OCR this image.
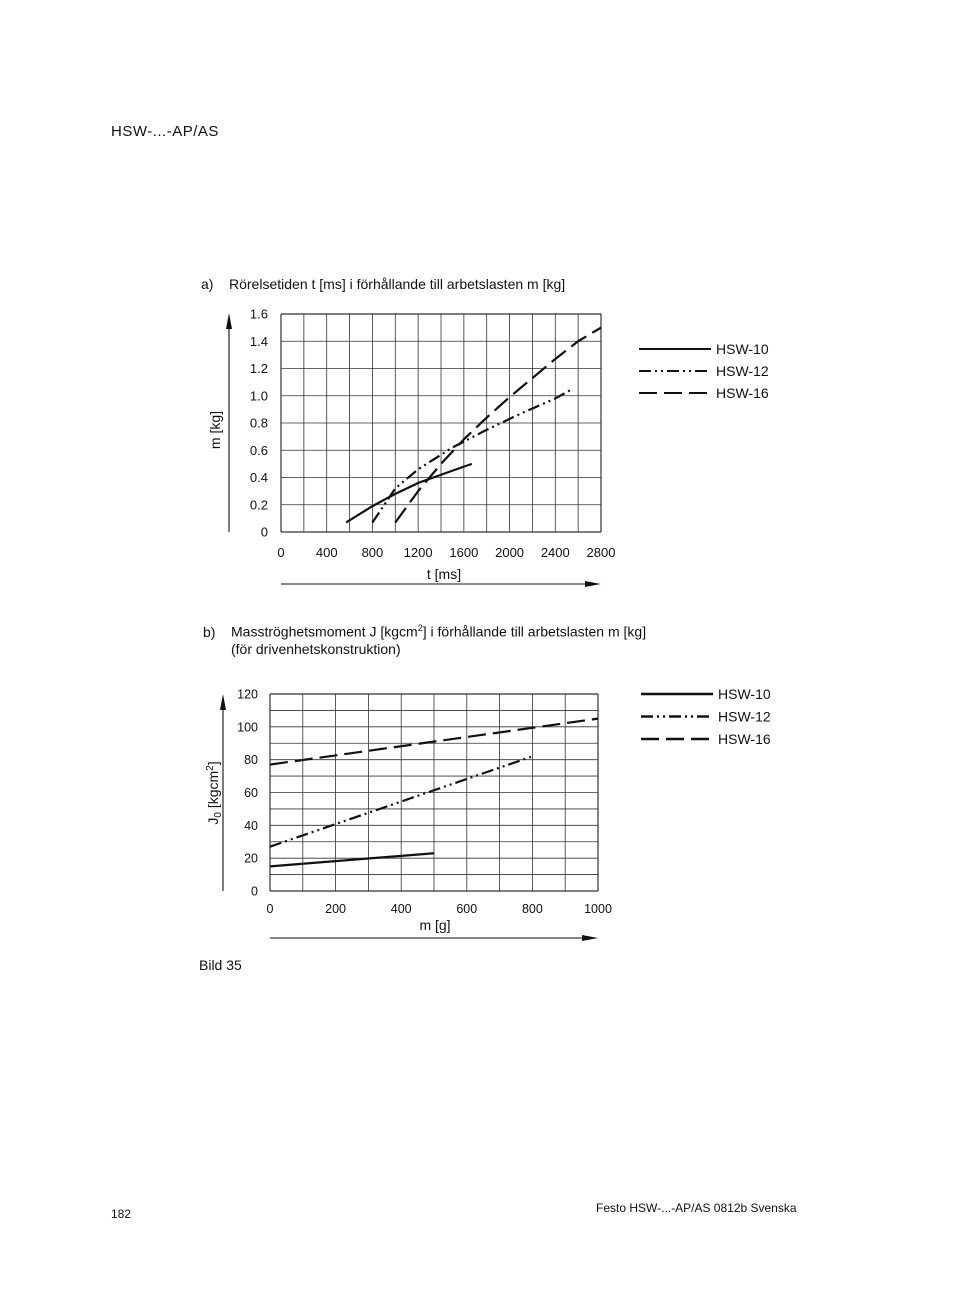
HSW-...-AP/AS
a) Rörelsetiden t [ms] i förhållande till arbetslasten m [kg]
0 400 800 1200 1600 2000 2400 2800
0
0.2
0.4
0.6
0.8
1.0
1.2
1.4
1.6
HSW-10
HSW-12
HSW-16
t [ms]
m [kg]
0	200	400	600	800	1000
0
20
40
60
80
100
120	HSW-10
HSW-12
HSW-16
m [g]
$J_0$ [kgcm$^2$]
b) Masströghetsmoment J [kgcm$^2$] i förhållande till arbetslasten m [kg]
(för drivenhetskonstruktion)
Bild 35
182	Festo HSW-...-AP/AS 0812b Svenska
